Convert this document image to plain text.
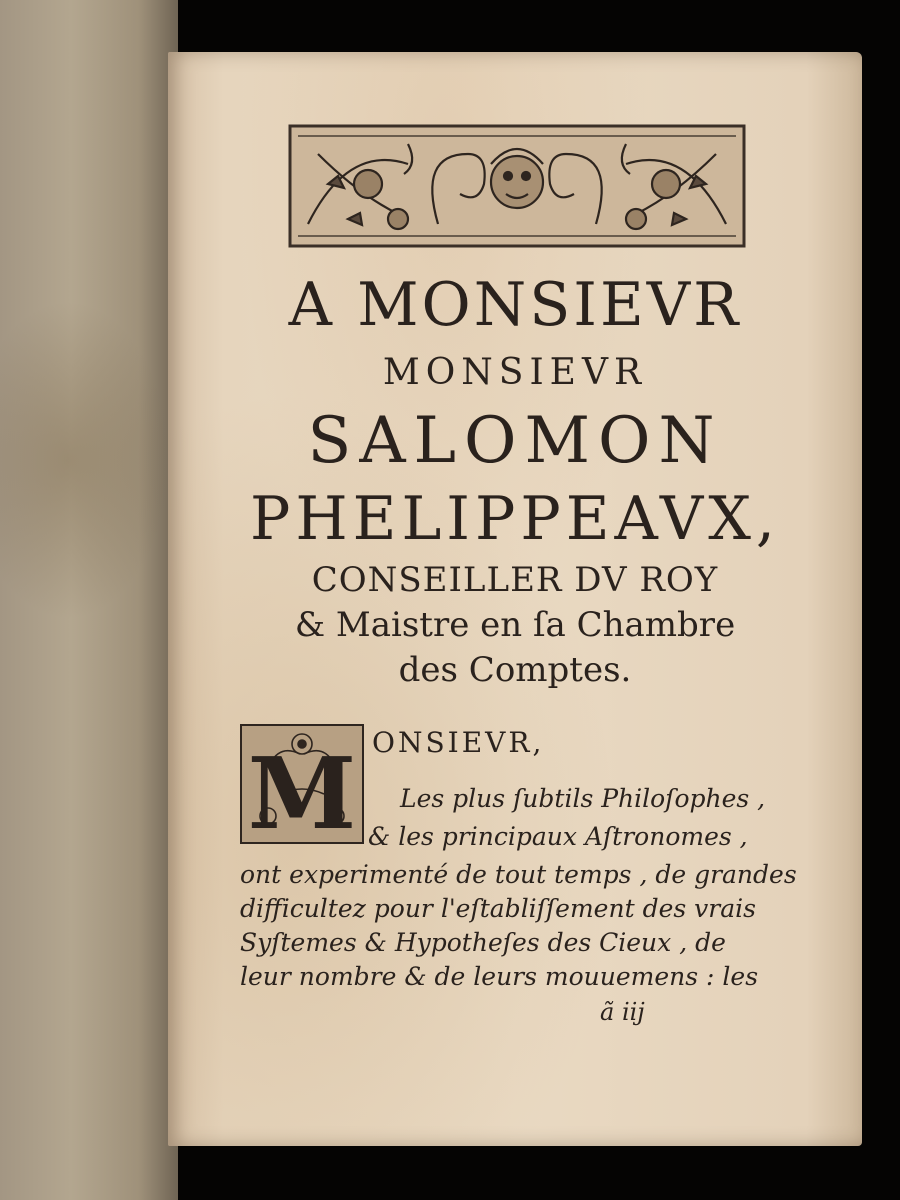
A MONSIEVR

MONSIEVR

SALOMON

PHELIPPEAVX,

CONSEILLER DV ROY

& Maistre en ſa Chambre

des Comptes.

M ONSIEVR,

Les plus ſubtils Philoſophes ,

& les principaux Aſtronomes ,

ont experimenté de tout temps , de grandes

difficultez pour l'eſtabliſſement des vrais

Syſtemes & Hypotheſes des Cieux , de

leur nombre & de leurs mouuemens : les

ã iij
